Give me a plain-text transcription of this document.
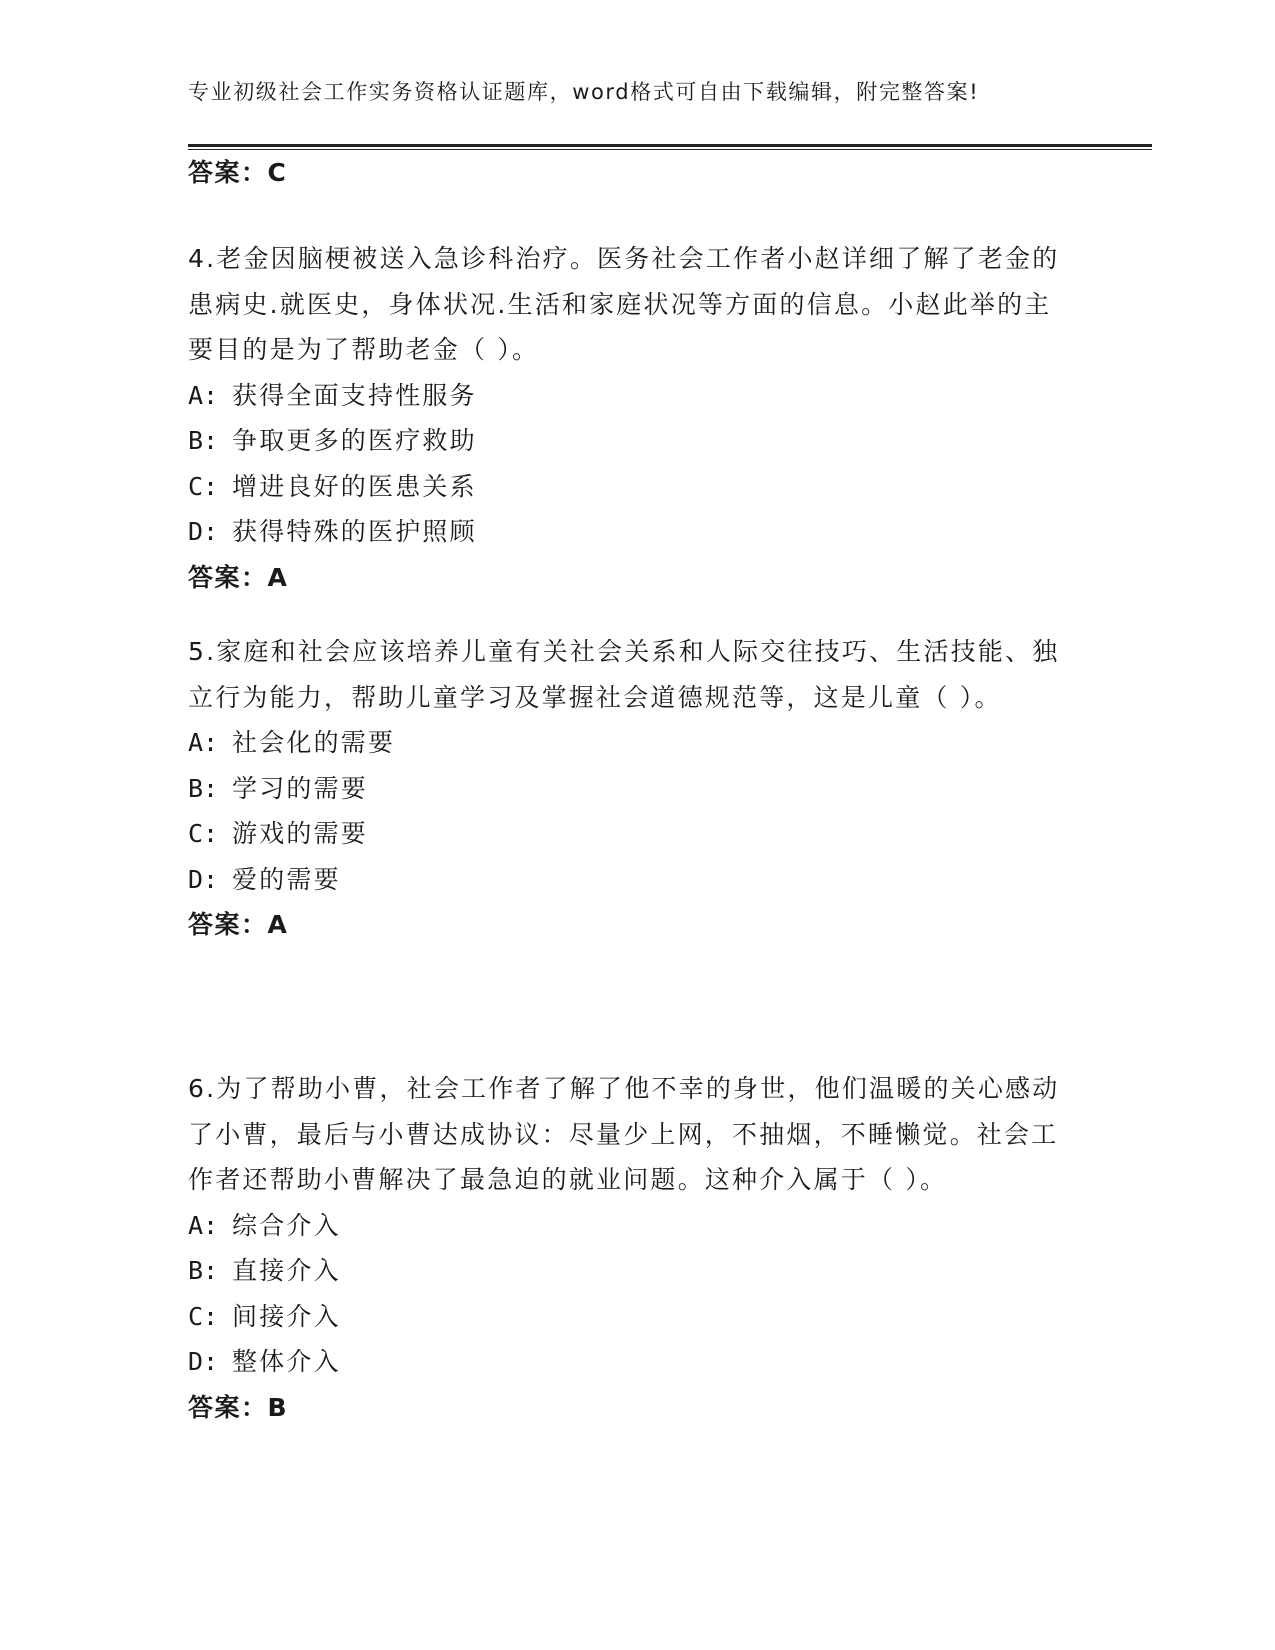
专业初级社会工作实务资格认证题库，word格式可自由下载编辑，附完整答案!
答案：C
4.老金因脑梗被送入急诊科治疗。医务社会工作者小赵详细了解了老金的患病史.就医史，身体状况.生活和家庭状况等方面的信息。小赵此举的主要目的是为了帮助老金（ ）。
A: 获得全面支持性服务
B: 争取更多的医疗救助
C: 增进良好的医患关系
D: 获得特殊的医护照顾
答案：A
5.家庭和社会应该培养儿童有关社会关系和人际交往技巧、生活技能、独立行为能力，帮助儿童学习及掌握社会道德规范等，这是儿童（ ）。
A: 社会化的需要
B: 学习的需要
C: 游戏的需要
D: 爱的需要
答案：A
6.为了帮助小曹，社会工作者了解了他不幸的身世，他们温暖的关心感动了小曹，最后与小曹达成协议：尽量少上网，不抽烟，不睡懒觉。社会工作者还帮助小曹解决了最急迫的就业问题。这种介入属于（ ）。
A: 综合介入
B: 直接介入
C: 间接介入
D: 整体介入
答案：B
